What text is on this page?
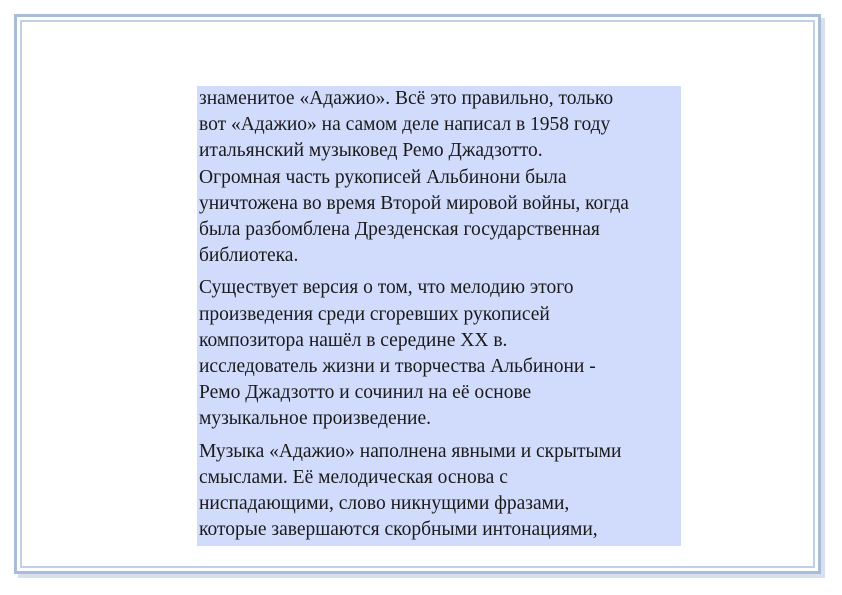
знаменитое «Адажио». Всё это правильно, только
вот «Адажио» на самом деле написал в 1958 году
итальянский музыковед Ремо Джадзотто.
Огромная часть рукописей Альбинони была
уничтожена во время Второй мировой войны, когда
была разбомблена Дрезденская государственная
библиотека.
Существует версия о том, что мелодию этого
произведения среди сгоревших рукописей
композитора нашёл в середине XX в.
исследователь жизни и творчества Альбинони -
Ремо Джадзотто и сочинил на её основе
музыкальное произведение.
Музыка «Адажио» наполнена явными и скрытыми
смыслами. Её мелодическая основа с
ниспадающими, слово никнущими фразами,
которые завершаются скорбными интонациями,
